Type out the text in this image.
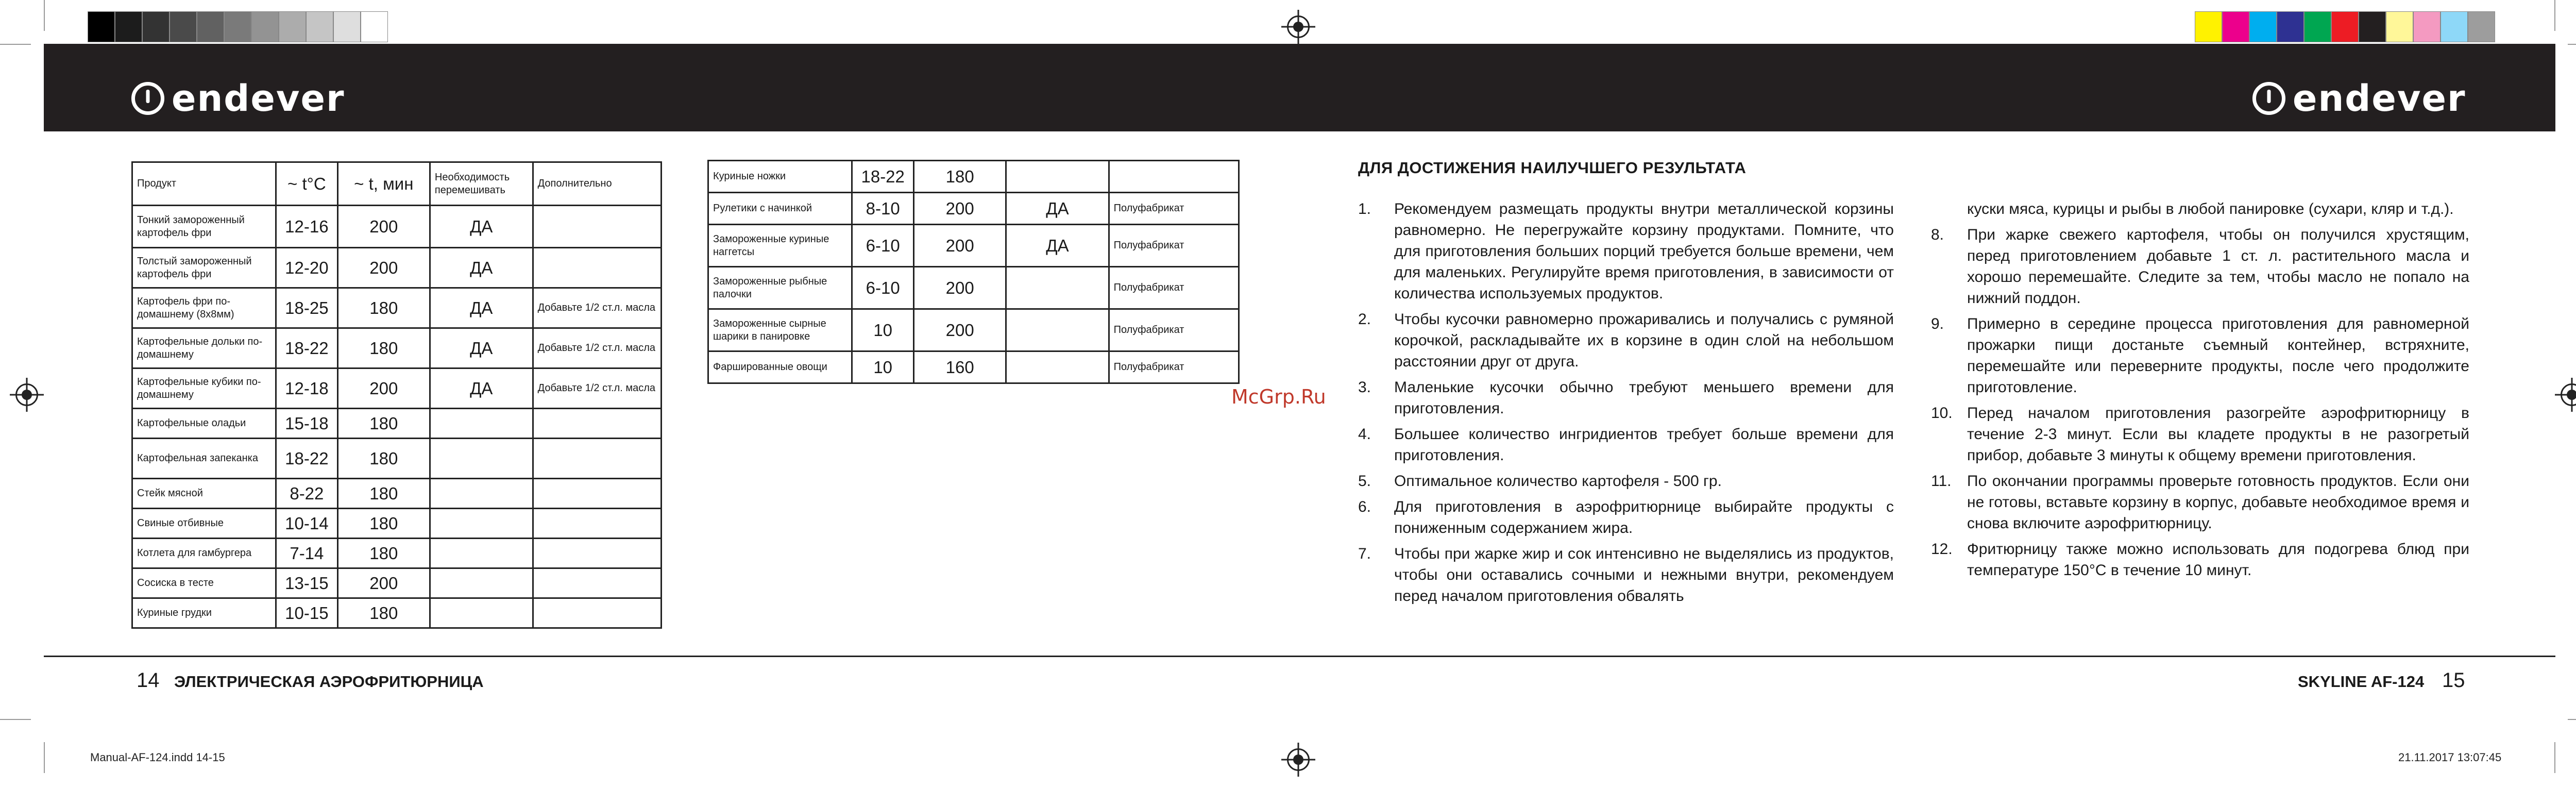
endever	endever
Продукт	~ t°C	~ t, мин	Необходимость перемешивать	Дополнительно
Тонкий замороженный картофель фри	12-16	200	ДА	
Толстый замороженный картофель фри	12-20	200	ДА	
Картофель фри по-домашнему (8х8мм)	18-25	180	ДА	Добавьте 1/2 ст.л. масла
Картофельные дольки по-домашнему	18-22	180	ДА	Добавьте 1/2 ст.л. масла
Картофельные кубики по-домашнему	12-18	200	ДА	Добавьте 1/2 ст.л. масла
Картофельные оладьи	15-18	180		
Картофельная запеканка	18-22	180		
Стейк мясной	8-22	180		
Свиные отбивные	10-14	180		
Котлета для гамбургера	7-14	180		
Сосиска в тесте	13-15	200		
Куриные грудки	10-15	180		
Куриные ножки	18-22	180		
Рулетики с начинкой	8-10	200	ДА	Полуфабрикат
Замороженные куриные наггетсы	6-10	200	ДА	Полуфабрикат
Замороженные рыбные палочки	6-10	200		Полуфабрикат
Замороженные сырные шарики в панировке	10	200		Полуфабрикат
Фаршированные овощи	10	160		Полуфабрикат
ДЛЯ ДОСТИЖЕНИЯ НАИЛУЧШЕГО РЕЗУЛЬТАТА
1.	Рекомендуем размещать продукты внутри металлической корзины равномерно. Не перегружайте корзину продуктами. Помните, что для приготовления больших порций требуется больше времени, чем для маленьких. Регулируйте время приготовления, в зависимости от количества используемых продуктов.
2.	Чтобы кусочки равномерно прожаривались и получались с румяной корочкой, раскладывайте их в корзине в один слой на небольшом расстоянии друг от друга.
3.	Маленькие кусочки обычно требуют меньшего времени для приготовления.
4.	Большее количество ингридиентов требует больше времени для приготовления.
5.	Оптимальное количество картофеля - 500 гр.
6.	Для приготовления в аэрофритюрнице выбирайте продукты с пониженным содержанием жира.
7.	Чтобы при жарке жир и сок интенсивно не выделялись из продуктов, чтобы они оставались сочными и нежными внутри, рекомендуем перед началом приготовления обвалять
куски мяса, курицы и рыбы в любой панировке (сухари, кляр и т.д.).
8.	При жарке свежего картофеля, чтобы он получился хрустящим, перед приготовлением добавьте 1 ст. л. растительного масла и хорошо перемешайте. Следите за тем, чтобы масло не попало на нижний поддон.
9.	Примерно в середине процесса приготовления для равномерной прожарки пищи достаньте съемный контейнер, встряхните, перемешайте или переверните продукты, после чего продолжите приготовление.
10. Перед началом приготовления разогрейте аэрофритюрницу в течение 2-3 минут. Если вы кладете продукты в не разогретый прибор, добавьте 3 минуты к общему времени приготовления.
11.	По окончании программы проверьте готовность продуктов. Если они не готовы, вставьте корзину в корпус, добавьте необходимое время и снова включите аэрофритюрницу.
12. Фритюрницу также можно использовать для подогрева блюд при температуре 150°С в течение 10 минут.
McGrp.Ru
14 ЭЛЕКТРИЧЕСКАЯ АЭРОФРИТЮРНИЦА	SKYLINE AF-124 15
Manual-AF-124.indd 14-15	21.11.2017 13:07:45
